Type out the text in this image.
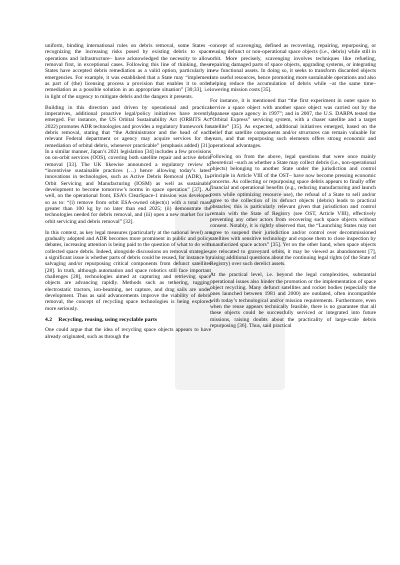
uniform, binding international rules on debris removal, some States –recognizing the increasing risks posed by existing debris to space operations and infrastructure– have acknowledged the necessity to allow removal first, in exceptional cases. Following this line of thinking, these States have accepted debris remediation as a valid option, particularly in emergencies. For example, it was established that a State may “implement as part of (the) licensing process a provision that enables it to order remediation as a possible solution in an appropriate situation” [30;33], i.e. in light of the urgency to mitigate debris and the dangers it presents.

Building in this direction and driven by operational and practical imperatives, additional proactive legal/policy initiatives have recently emerged. For instance, the US Orbital Sustainability Act (ORBITS Act 2022) promotes ADR technologies and provides a regulatory framework for debris removal, stating that “the Administrator and the head of each relevant Federal department or agency may acquire services for the remediation of orbital debris, whenever practicable” (emphasis added) [31]. In a similar manner, Japan’s 2021 legislation [34] includes a few provisions on on-orbit services (OOS), covering both satellite repair and active debris removal [33]. The UK likewise announced a regulatory review to “incentivise sustainable practices (…) hence allowing today’s latest innovations in technologies, such as Active Debris Removal (ADR), In-Orbit Servicing and Manufacturing (IOSM) as well as sustainable development to become tomorrow’s norms in space operation” [37]. As well, on the operational front, ESA’s ClearSpace-1 mission was developed so as to: “(i) remove from orbit ESA-owned object(s) with a total mass greater than 100 kg by no later than end 2025; (ii) demonstrate the technologies needed for debris removal, and (iii) open a new market for in-orbit servicing and debris removal” [32].

In this context, as key legal measures (particularly at the national level) are gradually adopted and ADR becomes more prominent in public and policy debates, increasing attention is being paid to the question of what to do with collected space debris. Indeed, alongside discussions on removal strategies, a significant issue is whether parts of debris could be reused, for instance by salvaging and/or repurposing critical components from defunct satellites [28]. In truth, although automation and space robotics still face important challenges [28], technologies aimed at capturing and retrieving space objects are advancing rapidly. Methods such as tethering, tugging, electrostatic tractors, ion-beaming, net capture, and drag sails are under development. Thus as said advancements improve the viability of debris removal, the concept of recycling space technologies is being explored more seriously.

4.2 Recycling, reusing, using recyclable parts

One could argue that the idea of recycling space objects appears to have already originated, such as through the

concept of scavenging, defined as recovering, repairing, repurposing, or reusing defunct or non-operational space objects (i.e., debris) while still in orbit. More precisely, scavenging involves techniques like refueling, repairing damaged parts of space objects, upgrading systems, or integrating new functional assets. In doing so, it seeks to transform discarded objects into useful resources, hence promoting more sustainable operations and also helping reduce the accumulation of debris while –at the same time– lowering mission costs [35].

For instance, it is mentioned that “the first experiment in outer space to service a space object with another space object was carried out by the Japanese space agency in 1997”; and in 2007, the U.S. DARPA tested the “Orbital Express” servicing system, with a chaser satellite and a target satellite” [35]. As expected, additional initiatives emerged, based on the belief that satellite components and/or structures can remain valuable for years, and that repurposing such elements offers strong economic and operational advantages.

Following on from the above, legal questions that were once mainly theoretical –such as whether a State may collect debris (i.e., non-operational objects) belonging to another State under the jurisdiction and control principle in Article VIII of the OST– have now become pressing economic concerns. As collecting or repurposing space debris appears to finally offer financial and operational benefits (e.g., reducing manufacturing and launch costs while optimizing resource use), the refusal of a State to sell and/or agree to the collection of its defunct objects (debris) leads to practical obstacles; this is particularly relevant given that jurisdiction and control remain with the State of Registry (see OST, Article VIII), effectively preventing any other actors from recovering such space objects without consent. Notably, it is rightly observed that, the “Launching States may not agree to suspend their jurisdiction and/or control over decommissioned satellites with sensitive technology and expose them to close inspection by unauthorized space actors” [35]. Yet on the other hand, when space objects are relocated to graveyard orbits, it may be viewed as abandonment [7], raising additional questions about the continuing legal rights (of the State of Registry) over such derelict assets.

At the practical level, i.e. beyond the legal complexities, substantial operational issues also hinder the promotion or the implementation of space object recycling. Many defunct satellites and rocket bodies (especially the ones launched between 1981 and 2000) are outdated, often incompatible with today’s technological and/or mission requirements. Furthermore, even when the reuse appears technically feasible, there is no guarantee that all these objects could be successfully serviced or integrated into future missions, raising doubts about the practicality of large-scale debris repurposing [36]. Thus, said practical
